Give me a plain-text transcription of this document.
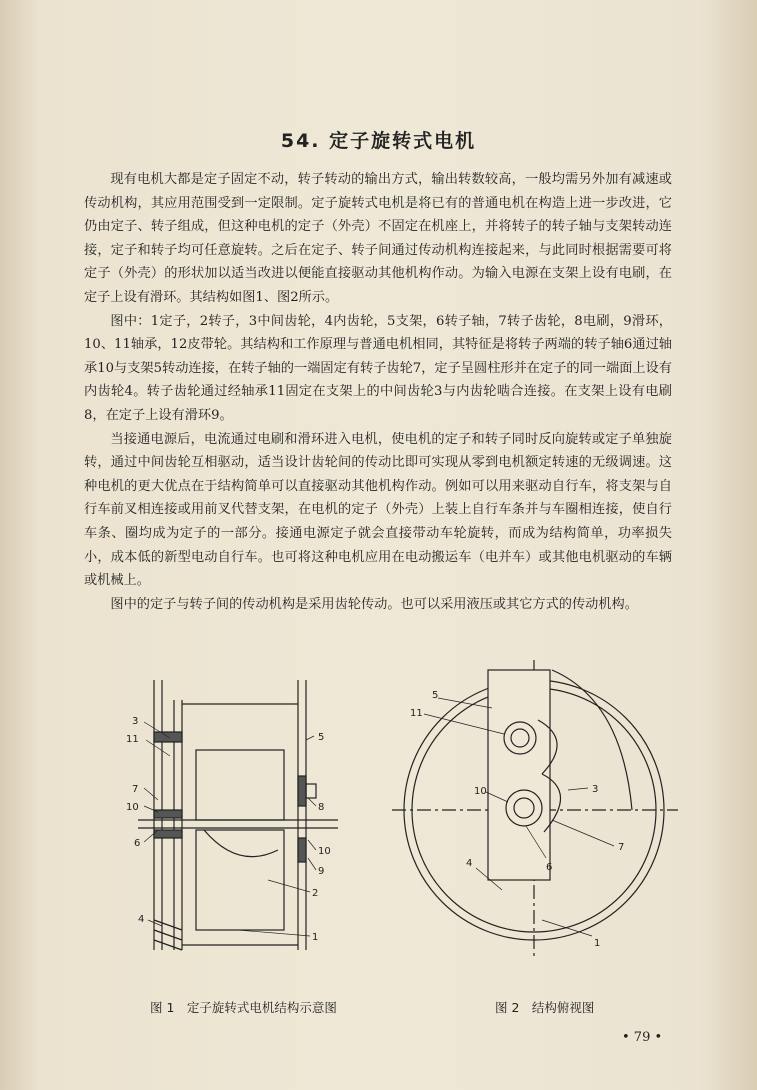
54. 定子旋转式电机

现有电机大都是定子固定不动，转子转动的输出方式，输出转数较高，一般均需另外加有减速或传动机构，其应用范围受到一定限制。定子旋转式电机是将已有的普通电机在构造上进一步改进，它仍由定子、转子组成，但这种电机的定子（外壳）不固定在机座上，并将转子的转子轴与支架转动连接，定子和转子均可任意旋转。之后在定子、转子间通过传动机构连接起来，与此同时根据需要可将定子（外壳）的形状加以适当改进以便能直接驱动其他机构作动。为输入电源在支架上设有电刷，在定子上设有滑环。其结构如图1、图2所示。

图中：1定子，2转子，3中间齿轮，4内齿轮，5支架，6转子轴，7转子齿轮，8电刷，9滑环，10、11轴承，12皮带轮。其结构和工作原理与普通电机相同，其特征是将转子两端的转子轴6通过轴承10与支架5转动连接，在转子轴的一端固定有转子齿轮7，定子呈圆柱形并在定子的同一端面上设有内齿轮4。转子齿轮通过经轴承11固定在支架上的中间齿轮3与内齿轮啮合连接。在支架上设有电刷8，在定子上设有滑环9。

当接通电源后，电流通过电刷和滑环进入电机，使电机的定子和转子同时反向旋转或定子单独旋转，通过中间齿轮互相驱动，适当设计齿轮间的传动比即可实现从零到电机额定转速的无级调速。这种电机的更大优点在于结构简单可以直接驱动其他机构作动。例如可以用来驱动自行车，将支架与自行车前叉相连接或用前叉代替支架，在电机的定子（外壳）上装上自行车条并与车圈相连接，使自行车条、圈均成为定子的一部分。接通电源定子就会直接带动车轮旋转，而成为结构简单，功率损失小，成本低的新型电动自行车。也可将这种电机应用在电动搬运车（电并车）或其他电机驱动的车辆或机械上。

图中的定子与转子间的传动机构是采用齿轮传动。也可以采用液压或其它方式的传动机构。

3
11	5
7
10	8
6
10
9
2
4
1
5
11
10	3
7
6
4
1
图 1　定子旋转式电机结构示意图	图 2　结构俯视图
• 79 •
